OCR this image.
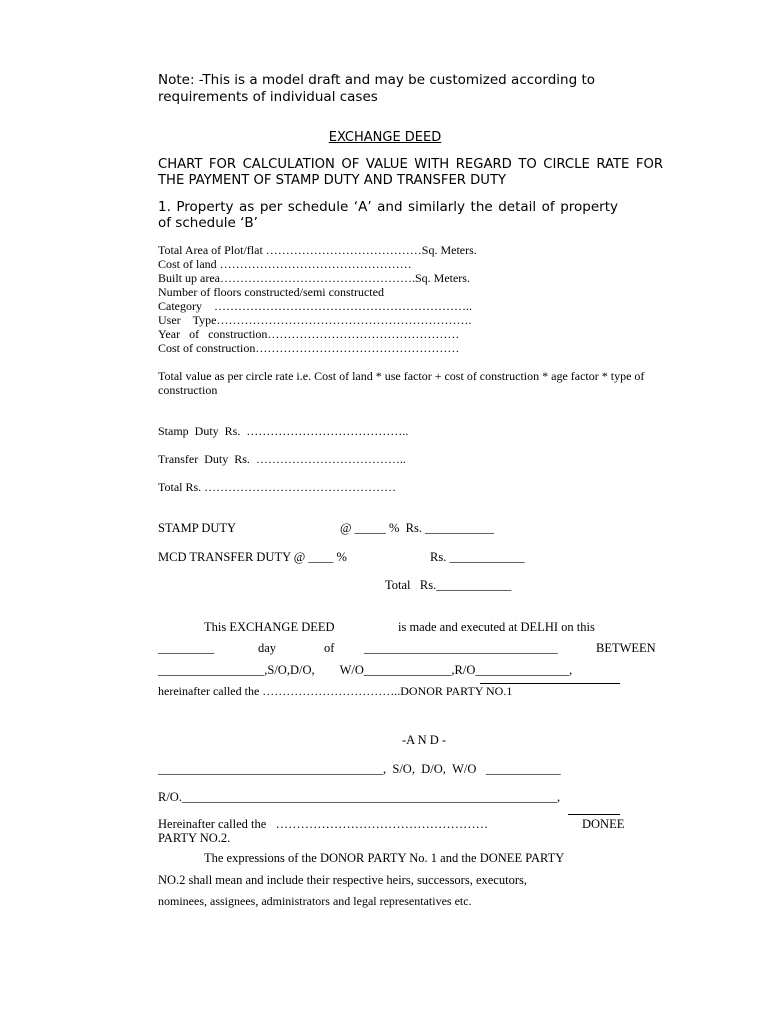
Note: -This is a model draft and may be customized according to requirements of individual cases
EXCHANGE DEED
CHART FOR CALCULATION OF VALUE WITH REGARD TO CIRCLE RATE FOR THE PAYMENT OF STAMP DUTY AND TRANSFER DUTY
1. Property as per schedule ‘A’ and similarly the detail of property of schedule ‘B’
Total Area of Plot/flat …………………………………Sq. Meters.
Cost of land …………………………………………
Built up area………………………………………….Sq. Meters.
Number of floors constructed/semi constructed
Category    ………………………………………………………..
User    Type……………………………………………………….
Year   of   construction…………………………………………
Cost of construction……………………………………………
Total value as per circle rate i.e. Cost of land * use factor + cost of construction * age factor * type of construction
Stamp  Duty  Rs.  …………………………………..
Transfer  Duty  Rs.  ………………………………..
Total Rs. …………………………………………
STAMP DUTY	@ _____ %  Rs. ___________
MCD TRANSFER DUTY @ ____ %	Rs. ____________
Total   Rs.____________
This EXCHANGE DEED	is made and executed at DELHI on this
_________	day	of _______________________________	BETWEEN
_________________,S/O,D/O,        W/O______________,R/O_______________,
hereinafter called the ……………………………..DONOR PARTY NO.1
-A N D -
____________________________________,  S/O,  D/O,  W/O   ____________
R/O.____________________________________________________________,
Hereinafter called the   ……………………………………………	DONEE
PARTY NO.2.
The expressions of the DONOR PARTY No. 1 and the DONEE PARTY
NO.2 shall mean and include their respective heirs, successors, executors,
nominees, assignees, administrators and legal representatives etc.
